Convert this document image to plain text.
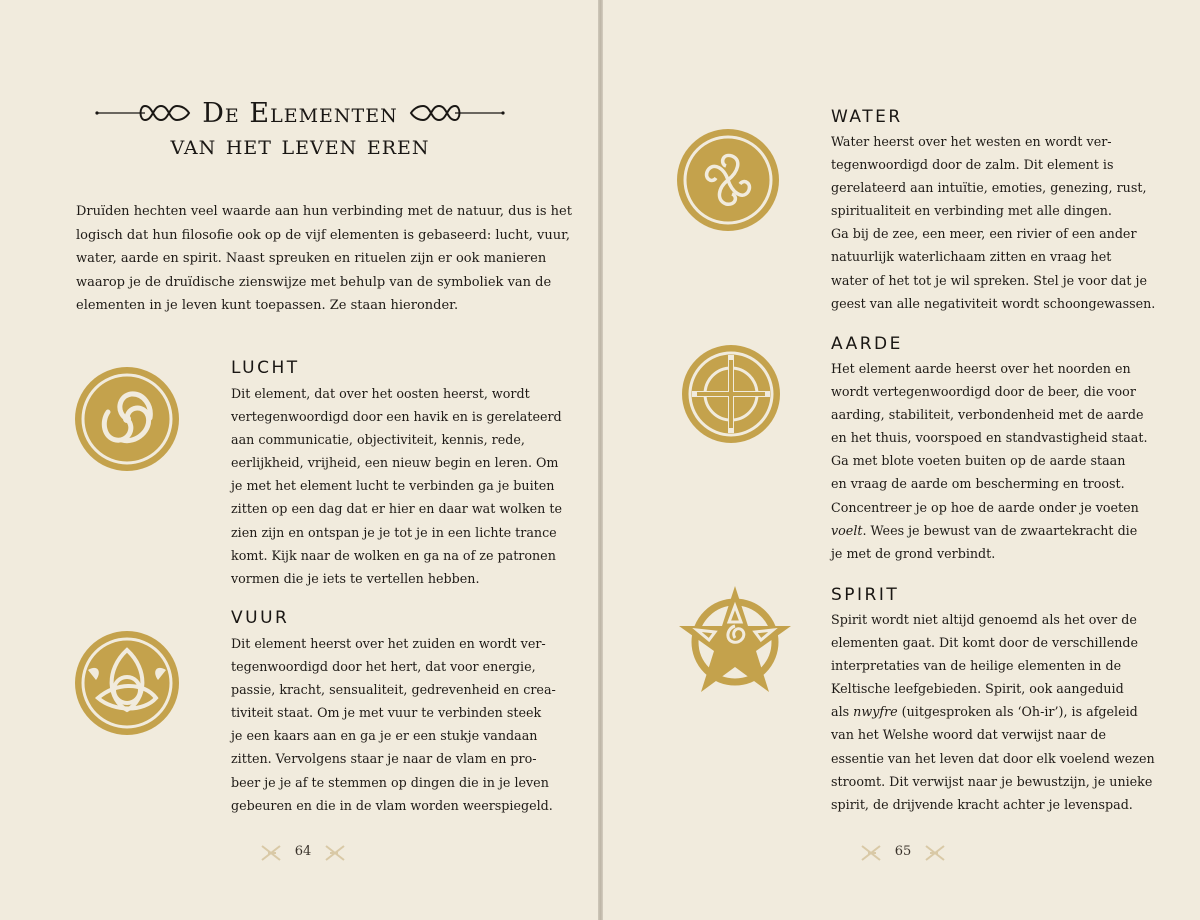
De Elementen
van het leven eren
Druïden hechten veel waarde aan hun verbinding met de natuur, dus is het
logisch dat hun filosofie ook op de vijf elementen is gebaseerd: lucht, vuur,
water, aarde en spirit. Naast spreuken en rituelen zijn er ook manieren
waarop je de druïdische zienswijze met behulp van de symboliek van de
elementen in je leven kunt toepassen. Ze staan hieronder.
LUCHT
Dit element, dat over het oosten heerst, wordt
vertegenwoordigd door een havik en is gerelateerd
aan communicatie, objectiviteit, kennis, rede,
eerlijkheid, vrijheid, een nieuw begin en leren. Om
je met het element lucht te verbinden ga je buiten
zitten op een dag dat er hier en daar wat wolken te
zien zijn en ontspan je je tot je in een lichte trance
komt. Kijk naar de wolken en ga na of ze patronen
vormen die je iets te vertellen hebben.
VUUR
Dit element heerst over het zuiden en wordt ver-
tegenwoordigd door het hert, dat voor energie,
passie, kracht, sensualiteit, gedrevenheid en crea-
tiviteit staat. Om je met vuur te verbinden steek
je een kaars aan en ga je er een stukje vandaan
zitten. Vervolgens staar je naar de vlam en pro-
beer je je af te stemmen op dingen die in je leven
gebeuren en die in de vlam worden weerspiegeld.
64
WATER
Water heerst over het westen en wordt ver-
tegenwoordigd door de zalm. Dit element is
gerelateerd aan intuïtie, emoties, genezing, rust,
spiritualiteit en verbinding met alle dingen.
Ga bij de zee, een meer, een rivier of een ander
natuurlijk waterlichaam zitten en vraag het
water of het tot je wil spreken. Stel je voor dat je
geest van alle negativiteit wordt schoongewassen.
AARDE
Het element aarde heerst over het noorden en
wordt vertegenwoordigd door de beer, die voor
aarding, stabiliteit, verbondenheid met de aarde
en het thuis, voorspoed en standvastigheid staat.
Ga met blote voeten buiten op de aarde staan
en vraag de aarde om bescherming en troost.
Concentreer je op hoe de aarde onder je voeten
voelt. Wees je bewust van de zwaartekracht die
je met de grond verbindt.
SPIRIT
Spirit wordt niet altijd genoemd als het over de
elementen gaat. Dit komt door de verschillende
interpretaties van de heilige elementen in de
Keltische leefgebieden. Spirit, ook aangeduid
als nwyfre (uitgesproken als ‘Oh-ir’), is afgeleid
van het Welshe woord dat verwijst naar de
essentie van het leven dat door elk voelend wezen
stroomt. Dit verwijst naar je bewustzijn, je unieke
spirit, de drijvende kracht achter je levenspad.
65
